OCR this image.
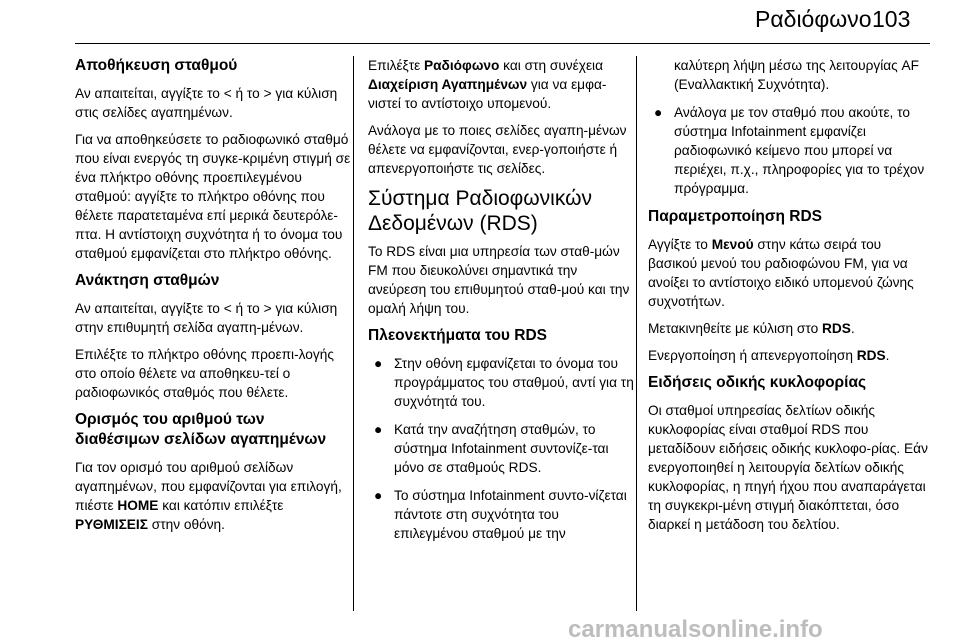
Ραδιόφωνο 103
Αποθήκευση σταθμού

Αν απαιτείται, αγγίξτε το < ή το > για κύλιση στις σελίδες αγαπημένων.

Για να αποθηκεύσετε το ραδιοφωνικό σταθμό που είναι ενεργός τη συγκε-κριμένη στιγμή σε ένα πλήκτρο οθόνης προεπιλεγμένου σταθμού: αγγίξτε το πλήκτρο οθόνης που θέλετε παρατεταμένα επί μερικά δευτερόλε-πτα. Η αντίστοιχη συχνότητα ή το όνομα του σταθμού εμφανίζεται στο πλήκτρο οθόνης.

Ανάκτηση σταθμών

Αν απαιτείται, αγγίξτε το < ή το > για κύλιση στην επιθυμητή σελίδα αγαπη-μένων.

Επιλέξτε το πλήκτρο οθόνης προεπι-λογής στο οποίο θέλετε να αποθηκευ-τεί ο ραδιοφωνικός σταθμός που θέλετε.

Ορισμός του αριθμού των διαθέσιμων σελίδων αγαπημένων

Για τον ορισμό του αριθμού σελίδων αγαπημένων, που εμφανίζονται για επιλογή, πιέστε HOME και κατόπιν επιλέξτε ΡΥΘΜΙΣΕΙΣ στην οθόνη.

Επιλέξτε Ραδιόφωνο και στη συνέχεια Διαχείριση Αγαπημένων για να εμφα-νιστεί το αντίστοιχο υπομενού.

Ανάλογα με το ποιες σελίδες αγαπη-μένων θέλετε να εμφανίζονται, ενερ-γοποιήστε ή απενεργοποιήστε τις σελίδες.

Σύστημα Ραδιοφωνικών Δεδομένων (RDS)

Το RDS είναι μια υπηρεσία των σταθ-μών FM που διευκολύνει σημαντικά την ανεύρεση του επιθυμητού σταθ-μού και την ομαλή λήψη του.

Πλεονεκτήματα του RDS
● Στην οθόνη εμφανίζεται το όνομα του προγράμματος του σταθμού, αντί για τη συχνότητά του.
● Κατά την αναζήτηση σταθμών, το σύστημα Infotainment συντονίζε-ται μόνο σε σταθμούς RDS.
● Το σύστημα Infotainment συντο-νίζεται πάντοτε στη συχνότητα του επιλεγμένου σταθμού με την
καλύτερη λήψη μέσω της λειτουργίας AF (Εναλλακτική Συχνότητα).
● Ανάλογα με τον σταθμό που ακούτε, το σύστημα Infotainment εμφανίζει ραδιοφωνικό κείμενο που μπορεί να περιέχει, π.χ., πληροφορίες για το τρέχον πρόγραμμα.
Παραμετροποίηση RDS

Αγγίξτε το Μενού στην κάτω σειρά του βασικού μενού του ραδιοφώνου FM, για να ανοίξει το αντίστοιχο ειδικό υπομενού ζώνης συχνοτήτων.

Μετακινηθείτε με κύλιση στο RDS.

Ενεργοποίηση ή απενεργοποίηση RDS.

Ειδήσεις οδικής κυκλοφορίας

Οι σταθμοί υπηρεσίας δελτίων οδικής κυκλοφορίας είναι σταθμοί RDS που μεταδίδουν ειδήσεις οδικής κυκλοφο-ρίας. Εάν ενεργοποιηθεί η λειτουργία δελτίων οδικής κυκλοφορίας, η πηγή ήχου που αναπαράγεται τη συγκεκρι-μένη στιγμή διακόπτεται, όσο διαρκεί η μετάδοση του δελτίου.

carmanualsonline.info
